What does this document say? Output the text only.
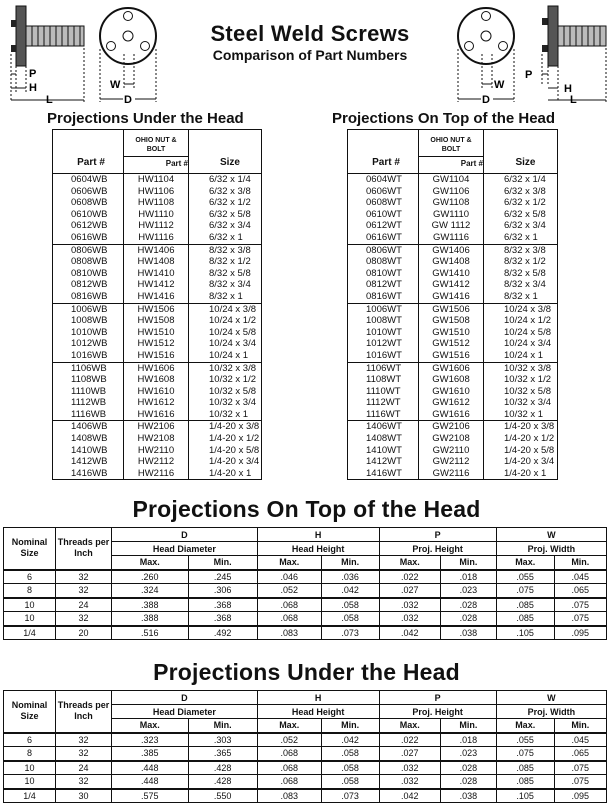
P
H
L
W
D
W
D
P
H
L
Steel Weld Screws
Comparison of Part Numbers
Projections Under the Head
Part #
OHIO NUT & BOLT
Part #	Size
0604WB	HW1104	6/32 x 1/4
0606WB	HW1106	6/32 x 3/8
0608WB	HW1108	6/32 x 1/2
0610WB	HW1110	6/32 x 5/8
0612WB	HW1112	6/32 x 3/4
0616WB	HW1116	6/32 x 1
0806WB	HW1406	8/32 x 3/8
0808WB	HW1408	8/32 x 1/2
0810WB	HW1410	8/32 x 5/8
0812WB	HW1412	8/32 x 3/4
0816WB	HW1416	8/32 x 1
1006WB	HW1506	10/24 x 3/8
1008WB	HW1508	10/24 x 1/2
1010WB	HW1510	10/24 x 5/8
1012WB	HW1512	10/24 x 3/4
1016WB	HW1516	10/24 x 1
1106WB	HW1606	10/32 x 3/8
1108WB	HW1608	10/32 x 1/2
1110WB	HW1610	10/32 x 5/8
1112WB	HW1612	10/32 x 3/4
1116WB	HW1616	10/32 x 1
1406WB	HW2106	1/4-20 x 3/8
1408WB	HW2108	1/4-20 x 1/2
1410WB	HW2110	1/4-20 x 5/8
1412WB	HW2112	1/4-20 x 3/4
1416WB	HW2116	1/4-20 x 1
Projections On Top of the Head
Part #
OHIO NUT & BOLT
Part #	Size
0604WT	GW1104	6/32 x 1/4
0606WT	GW1106	6/32 x 3/8
0608WT	GW1108	6/32 x 1/2
0610WT	GW1110	6/32 x 5/8
0612WT	GW 1112	6/32 x 3/4
0616WT	GW1116	6/32 x 1
0806WT	GW1406	8/32 x 3/8
0808WT	GW1408	8/32 x 1/2
0810WT	GW1410	8/32 x 5/8
0812WT	GW1412	8/32 x 3/4
0816WT	GW1416	8/32 x 1
1006WT	GW1506	10/24 x 3/8
1008WT	GW1508	10/24 x 1/2
1010WT	GW1510	10/24 x 5/8
1012WT	GW1512	10/24 x 3/4
1016WT	GW1516	10/24 x 1
1106WT	GW1606	10/32 x 3/8
1108WT	GW1608	10/32 x 1/2
1110WT	GW1610	10/32 x 5/8
1112WT	GW1612	10/32 x 3/4
1116WT	GW1616	10/32 x 1
1406WT	GW2106	1/4-20 x 3/8
1408WT	GW2108	1/4-20 x 1/2
1410WT	GW2110	1/4-20 x 5/8
1412WT	GW2112	1/4-20 x 3/4
1416WT	GW2116	1/4-20 x 1
Projections On Top of the Head
Nominal Size	Threads per Inch	D		H		P		W	
		Head Diameter		Head Height		Proj. Height		Proj. Width	
		Max.	Min.	Max.	Min.	Max.	Min.	Max.	Min.
6	32	.260	.245	.046	.036	.022	.018	.055	.045
8	32	.324	.306	.052	.042	.027	.023	.075	.065
10	24	.388	.368	.068	.058	.032	.028	.085	.075
10	32	.388	.368	.068	.058	.032	.028	.085	.075
1/4	20	.516	.492	.083	.073	.042	.038	.105	.095
Projections Under the Head
Nominal Size	Threads per Inch	D		H		P		W	
		Head Diameter		Head Height		Proj. Height		Proj. Width	
		Max.	Min.	Max.	Min.	Max.	Min.	Max.	Min.
6	32	.323	.303	.052	.042	.022	.018	.055	.045
8	32	.385	.365	.068	.058	.027	.023	.075	.065
10	24	.448	.428	.068	.058	.032	.028	.085	.075
10	32	.448	.428	.068	.058	.032	.028	.085	.075
1/4	30	.575	.550	.083	.073	.042	.038	.105	.095
